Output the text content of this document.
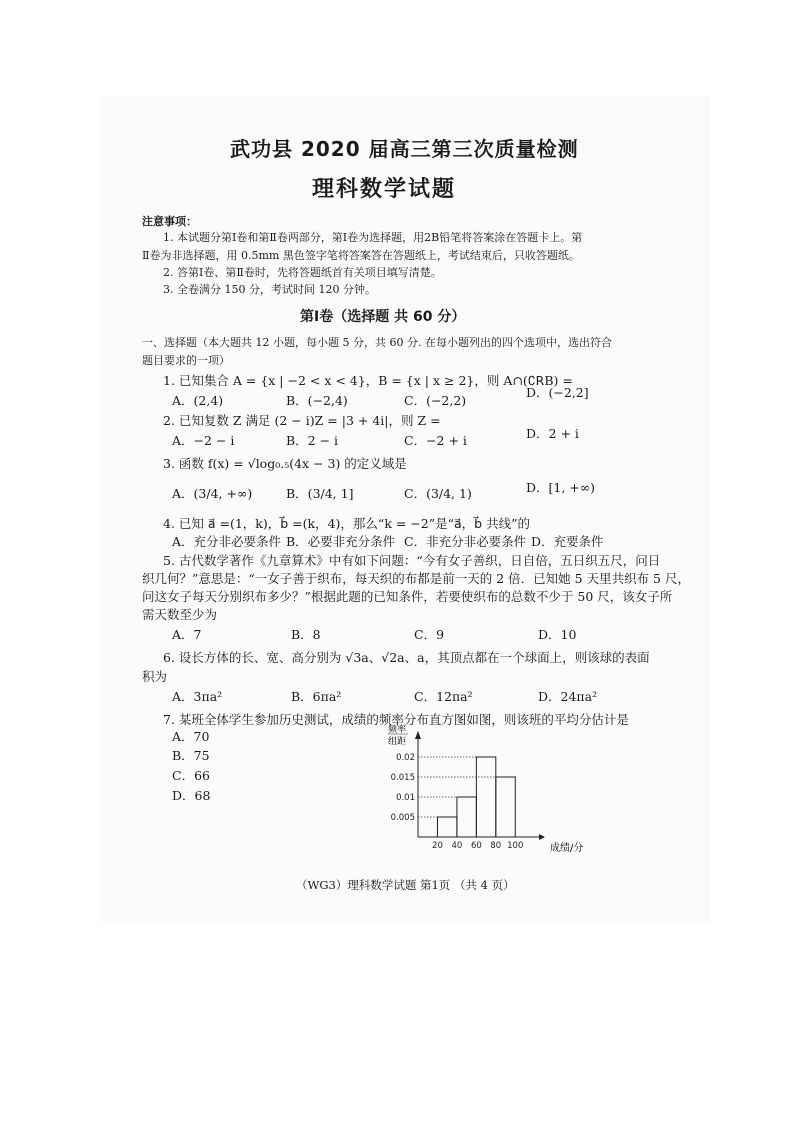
武功县 2020 届高三第三次质量检测
理科数学试题
注意事项：
1. 本试题分第Ⅰ卷和第Ⅱ卷两部分，第Ⅰ卷为选择题，用2B铅笔将答案涂在答题卡上。第
Ⅱ卷为非选择题，用 0.5mm 黑色签字笔将答案答在答题纸上，考试结束后，只收答题纸。
2. 答第Ⅰ卷、第Ⅱ卷时，先将答题纸首有关项目填写清楚。
3. 全卷满分 150 分，考试时间 120 分钟。
第Ⅰ卷（选择题 共 60 分）
一、选择题（本大题共 12 小题，每小题 5 分，共 60 分. 在每小题列出的四个选项中，选出符合
题目要求的一项）
1. 已知集合 A = {x | −2 < x < 4}，B = {x | x ≥ 2}，则 A∩(∁ꓣB) =
A．(2,4)	B．(−2,4)	C．(−2,2)
D．(−2,2]
2. 已知复数 Z 满足 (2 − i)Z = |3 + 4i|，则 Z =
A．−2 − i	B．2 − i	C．−2 + i	D．2 + i
3. 函数 f(x) = √log₀.₅(4x − 3) 的定义域是
A．(3/4, +∞)	B．(3/4, 1]	C．(3/4, 1)	D．[1, +∞)
4. 已知 a⃗ =(1，k)，b⃗ =(k，4)，那么“k = −2”是“a⃗，b⃗ 共线”的
A．充分非必要条件 B．必要非充分条件 C．非充分非必要条件 D．充要条件
5. 古代数学著作《九章算术》中有如下问题：“今有女子善织，日自倍，五日织五尺，问日
织几何？”意思是：“一女子善于织布，每天织的布都是前一天的 2 倍．已知她 5 天里共织布 5 尺，
问这女子每天分别织布多少？”根据此题的已知条件，若要使织布的总数不少于 50 尺，该女子所
需天数至少为
A．7	B．8	C．9	D．10
6. 设长方体的长、宽、高分别为 √3a、√2a、a，其顶点都在一个球面上，则该球的表面
积为
A．3πa²	B．6πa²	C．12πa²	D．24πa²
7. 某班全体学生参加历史测试，成绩的频率分布直方图如图，则该班的平均分估计是
A．70
B．75
C．66
D．68
频率
组距
成绩/分
0.005
0.01
0.015
0.02
20 40 60 80 100
（WG3）理科数学试题 第1页 （共 4 页）
